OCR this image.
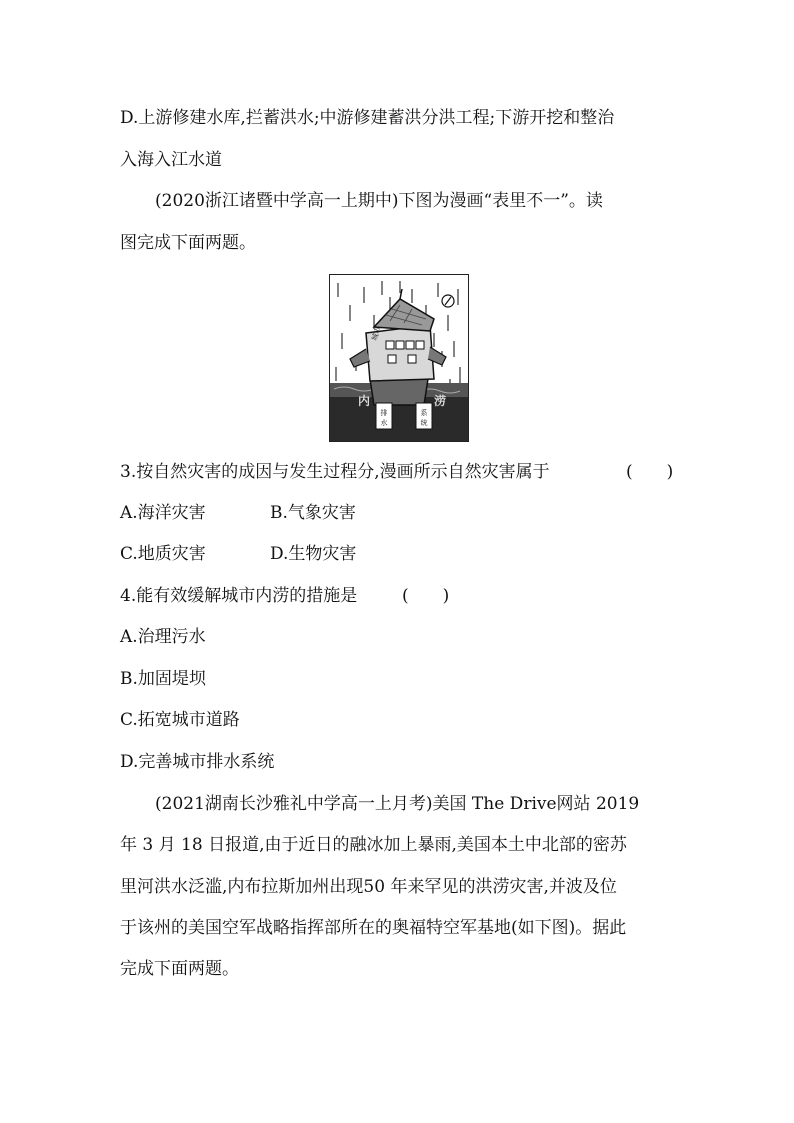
D.上游修建水库,拦蓄洪水;中游修建蓄洪分洪工程;下游开挖和整治
入海入江水道
(2020浙江诸暨中学高一上期中)下图为漫画“表里不一”。读
图完成下面两题。
城市
内	涝
排
水
系
统
3.按自然灾害的成因与发生过程分,漫画所示自然灾害属于	(　　)
A.海洋灾害	B.气象灾害
C.地质灾害	D.生物灾害
4.能有效缓解城市内涝的措施是	(　　)
A.治理污水
B.加固堤坝
C.拓宽城市道路
D.完善城市排水系统
(2021湖南长沙雅礼中学高一上月考)美国 The Drive网站 2019
年 3 月 18 日报道,由于近日的融冰加上暴雨,美国本土中北部的密苏
里河洪水泛滥,内布拉斯加州出现50 年来罕见的洪涝灾害,并波及位
于该州的美国空军战略指挥部所在的奥福特空军基地(如下图)。据此
完成下面两题。
